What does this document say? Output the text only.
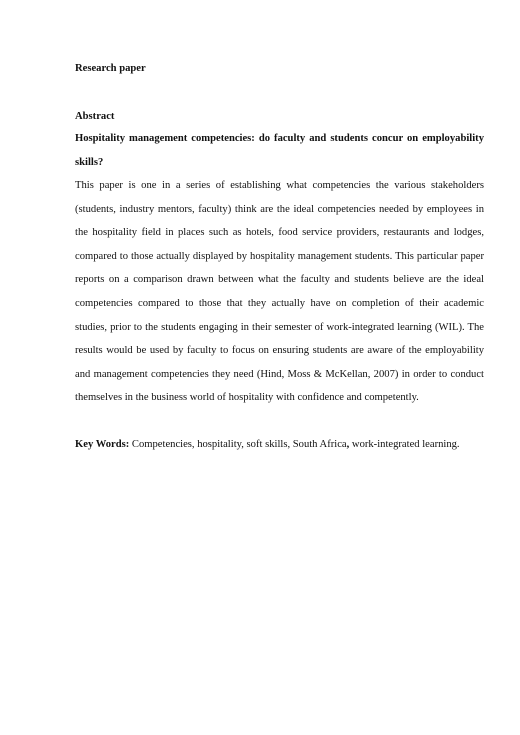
Research paper

Abstract

Hospitality management competencies: do faculty and students concur on employability skills?

This paper is one in a series of establishing what competencies the various stakeholders (students, industry mentors, faculty) think are the ideal competencies needed by employees in the hospitality field in places such as hotels, food service providers, restaurants and lodges, compared to those actually displayed by hospitality management students. This particular paper reports on a comparison drawn between what the faculty and students believe are the ideal competencies compared to those that they actually have on completion of their academic studies, prior to the students engaging in their semester of work-integrated learning (WIL). The results would be used by faculty to focus on ensuring students are aware of the employability and management competencies they need (Hind, Moss & McKellan, 2007) in order to conduct themselves in the business world of hospitality with confidence and competently.

Key Words: Competencies, hospitality, soft skills, South Africa, work-integrated learning.
